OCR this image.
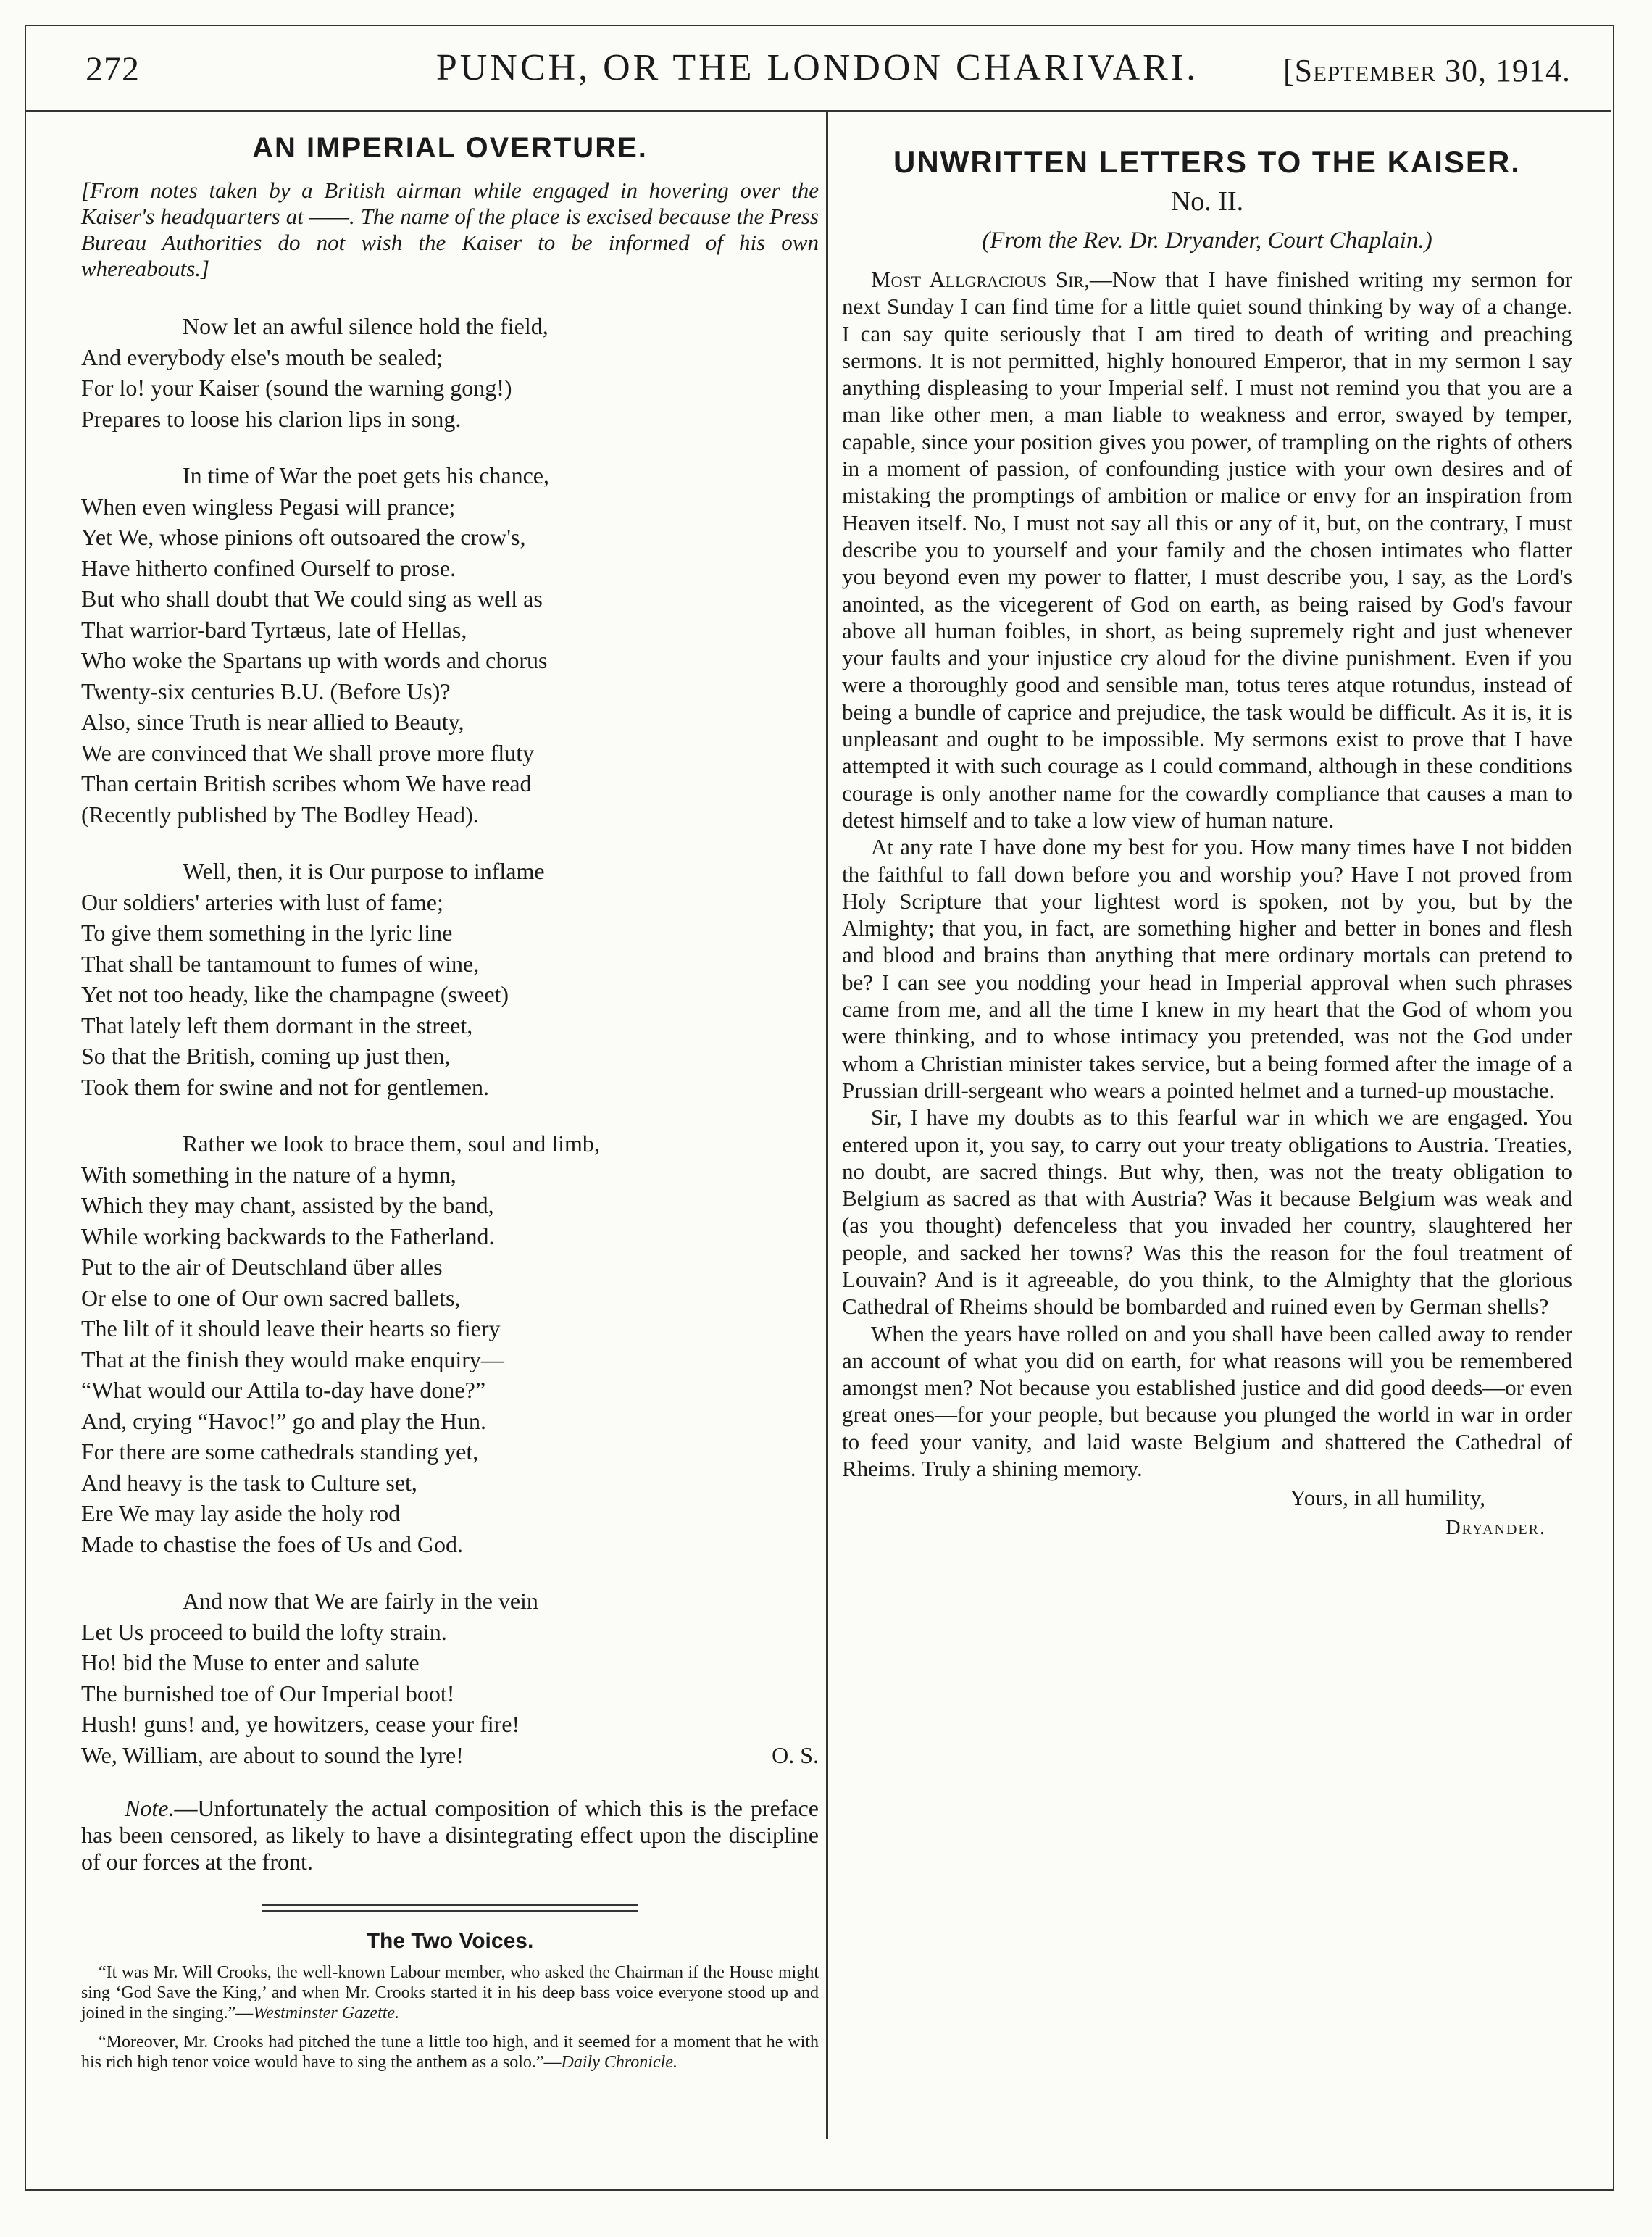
272	PUNCH, OR THE LONDON CHARIVARI.	[September 30, 1914.
AN IMPERIAL OVERTURE.
[From notes taken by a British airman while engaged in hovering over the Kaiser's headquarters at ——. The name of the place is excised because the Press Bureau Authorities do not wish the Kaiser to be informed of his own whereabouts.]
Now let an awful silence hold the field,
And everybody else's mouth be sealed;
For lo! your Kaiser (sound the warning gong!)
Prepares to loose his clarion lips in song.
In time of War the poet gets his chance,
When even wingless Pegasi will prance;
Yet We, whose pinions oft outsoared the crow's,
Have hitherto confined Ourself to prose.
But who shall doubt that We could sing as well as
That warrior-bard Tyrtæus, late of Hellas,
Who woke the Spartans up with words and chorus
Twenty-six centuries B.U. (Before Us)?
Also, since Truth is near allied to Beauty,
We are convinced that We shall prove more fluty
Than certain British scribes whom We have read
(Recently published by The Bodley Head).
Well, then, it is Our purpose to inflame
Our soldiers' arteries with lust of fame;
To give them something in the lyric line
That shall be tantamount to fumes of wine,
Yet not too heady, like the champagne (sweet)
That lately left them dormant in the street,
So that the British, coming up just then,
Took them for swine and not for gentlemen.
Rather we look to brace them, soul and limb,
With something in the nature of a hymn,
Which they may chant, assisted by the band,
While working backwards to the Fatherland.
Put to the air of Deutschland über alles
Or else to one of Our own sacred ballets,
The lilt of it should leave their hearts so fiery
That at the finish they would make enquiry—
“What would our Attila to-day have done?”
And, crying “Havoc!” go and play the Hun.
For there are some cathedrals standing yet,
And heavy is the task to Culture set,
Ere We may lay aside the holy rod
Made to chastise the foes of Us and God.
And now that We are fairly in the vein
Let Us proceed to build the lofty strain.
Ho! bid the Muse to enter and salute
The burnished toe of Our Imperial boot!
Hush! guns! and, ye howitzers, cease your fire!
We, William, are about to sound the lyre!	O. S.
Note.—Unfortunately the actual composition of which this is the preface has been censored, as likely to have a disintegrating effect upon the discipline of our forces at the front.
The Two Voices.
“It was Mr. Will Crooks, the well-known Labour member, who asked the Chairman if the House might sing ‘God Save the King,’ and when Mr. Crooks started it in his deep bass voice everyone stood up and joined in the singing.”—Westminster Gazette.
“Moreover, Mr. Crooks had pitched the tune a little too high, and it seemed for a moment that he with his rich high tenor voice would have to sing the anthem as a solo.”—Daily Chronicle.
UNWRITTEN LETTERS TO THE KAISER.
No. II.
(From the Rev. Dr. Dryander, Court Chaplain.)

Most Allgracious Sir,—Now that I have finished writing my sermon for next Sunday I can find time for a little quiet sound thinking by way of a change. I can say quite seriously that I am tired to death of writing and preaching sermons. It is not permitted, highly honoured Emperor, that in my sermon I say anything displeasing to your Imperial self. I must not remind you that you are a man like other men, a man liable to weakness and error, swayed by temper, capable, since your position gives you power, of trampling on the rights of others in a moment of passion, of confounding justice with your own desires and of mistaking the promptings of ambition or malice or envy for an inspiration from Heaven itself. No, I must not say all this or any of it, but, on the contrary, I must describe you to yourself and your family and the chosen intimates who flatter you beyond even my power to flatter, I must describe you, I say, as the Lord's anointed, as the vicegerent of God on earth, as being raised by God's favour above all human foibles, in short, as being supremely right and just whenever your faults and your injustice cry aloud for the divine punishment. Even if you were a thoroughly good and sensible man, totus teres atque rotundus, instead of being a bundle of caprice and prejudice, the task would be difficult. As it is, it is unpleasant and ought to be impossible. My sermons exist to prove that I have attempted it with such courage as I could command, although in these conditions courage is only another name for the cowardly compliance that causes a man to detest himself and to take a low view of human nature.

At any rate I have done my best for you. How many times have I not bidden the faithful to fall down before you and worship you? Have I not proved from Holy Scripture that your lightest word is spoken, not by you, but by the Almighty; that you, in fact, are something higher and better in bones and flesh and blood and brains than anything that mere ordinary mortals can pretend to be? I can see you nodding your head in Imperial approval when such phrases came from me, and all the time I knew in my heart that the God of whom you were thinking, and to whose intimacy you pretended, was not the God under whom a Christian minister takes service, but a being formed after the image of a Prussian drill-sergeant who wears a pointed helmet and a turned-up moustache.

Sir, I have my doubts as to this fearful war in which we are engaged. You entered upon it, you say, to carry out your treaty obligations to Austria. Treaties, no doubt, are sacred things. But why, then, was not the treaty obligation to Belgium as sacred as that with Austria? Was it because Belgium was weak and (as you thought) defenceless that you invaded her country, slaughtered her people, and sacked her towns? Was this the reason for the foul treatment of Louvain? And is it agreeable, do you think, to the Almighty that the glorious Cathedral of Rheims should be bombarded and ruined even by German shells?

When the years have rolled on and you shall have been called away to render an account of what you did on earth, for what reasons will you be remembered amongst men? Not because you established justice and did good deeds—or even great ones—for your people, but because you plunged the world in war in order to feed your vanity, and laid waste Belgium and shattered the Cathedral of Rheims. Truly a shining memory.

Yours, in all humility,
Dryander.
